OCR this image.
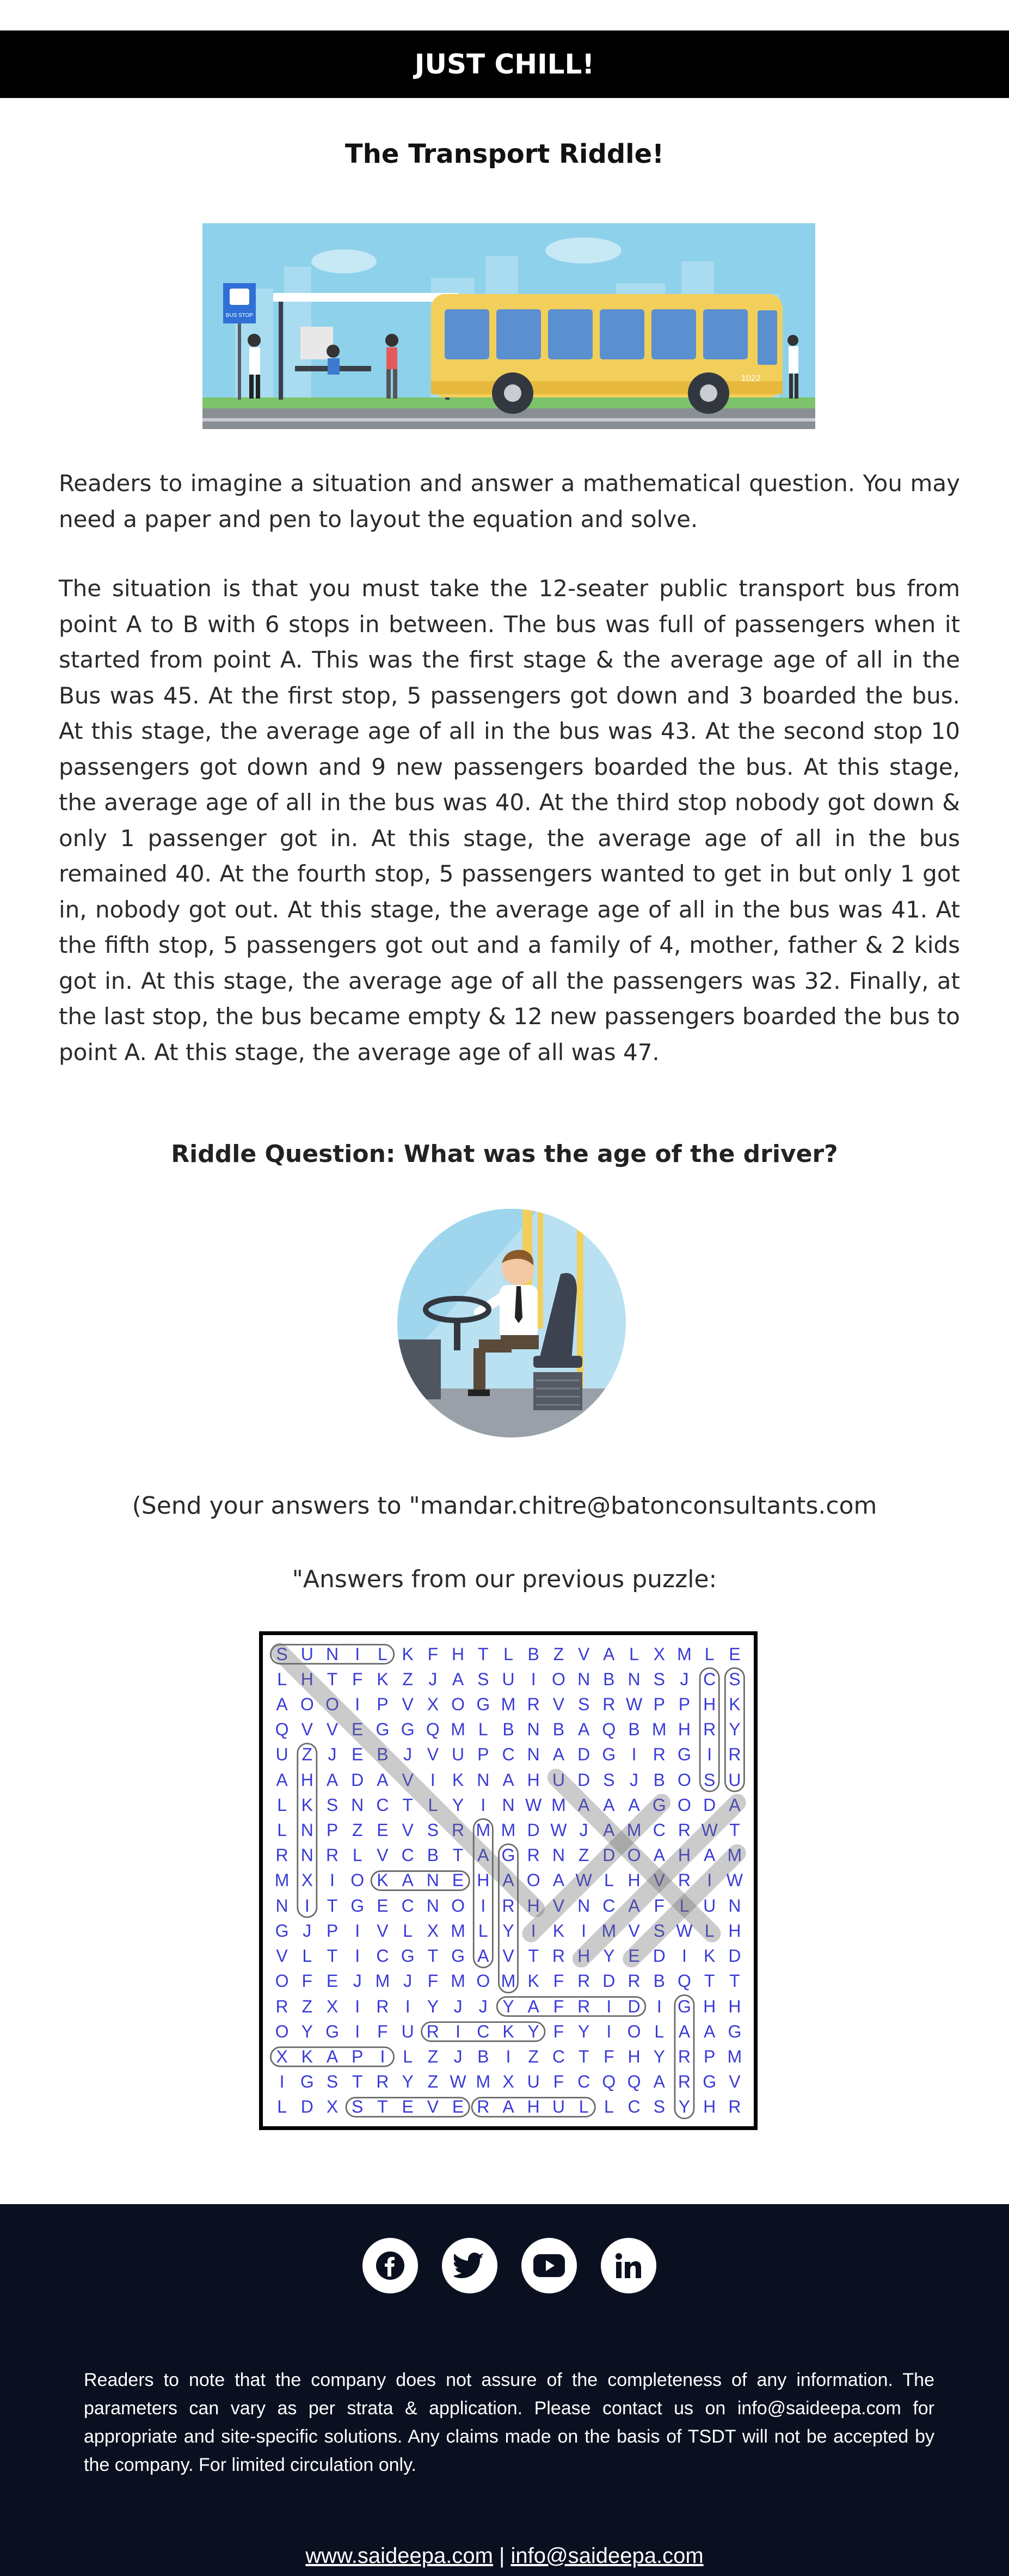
JUST CHILL!
The Transport Riddle!
BUS STOP
1022
Readers to imagine a situation and answer a mathematical question. You may need a paper and pen to layout the equation and solve.
The situation is that you must take the 12-seater public transport bus from point A to B with 6 stops in between. The bus was full of passengers when it started from point A. This was the first stage & the average age of all in the Bus was 45. At the first stop, 5 passengers got down and 3 boarded the bus. At this stage, the average age of all in the bus was 43. At the second stop 10 passengers got down and 9 new passengers boarded the bus. At this stage, the average age of all in the bus was 40. At the third stop nobody got down & only 1 passenger got in. At this stage, the average age of all in the bus remained 40. At the fourth stop, 5 passengers wanted to get in but only 1 got in, nobody got out. At this stage, the average age of all in the bus was 41. At the fifth stop, 5 passengers got out and a family of 4, mother, father & 2 kids got in. At this stage, the average age of all the passengers was 32. Finally, at the last stop, the bus became empty & 12 new passengers boarded the bus to point A. At this stage, the average age of all was 47.
Riddle Question: What was the age of the driver?
(Send your answers to "mandar.chitre@batonconsultants.com
"Answers from our previous puzzle:
S U N I	L K F H T L B Z V A L X M L E
L H T F K Z J A S U I O N B N S J C S
A O O I P V X O G M R V S R W P P H K
Q V V E G G Q M L B N B A Q B M H R Y
U Z J E B J V U P C N A D G I R G I R
A H A D A V I K N A H U D S J B O S U
L K S N C T L Y I N W M A A A G O D A
L N P Z E V S R M M D W J A M C R W T
R N R L V C B T A G R N Z D O A H A M
M X I O K A N E H A O A W L H V R I W
N I T G E C N O I R H V N C A F L U N
G J P I V L X M L Y I K I M V S W L H
V L T	I C G T G A V T R H Y E D I K D
O F E J M J F M O M K F R D R B Q T T
R Z X I R I Y J J Y A F R I D I G H H
O Y G I F U R I C K Y F Y I O L A A G
X K A P I	L Z J B I Z C T F H Y R P M
I G S T R Y Z W M X U F C Q Q A R G V
L D X S T E V E R A H U L L C S Y H R
Readers to note that the company does not assure of the completeness of any information. The parameters can vary as per strata & application. Please contact us on info@saideepa.com for appropriate and site-specific solutions. Any claims made on the basis of TSDT will not be accepted by the company. For limited circulation only.
www.saideepa.com | info@saideepa.com
